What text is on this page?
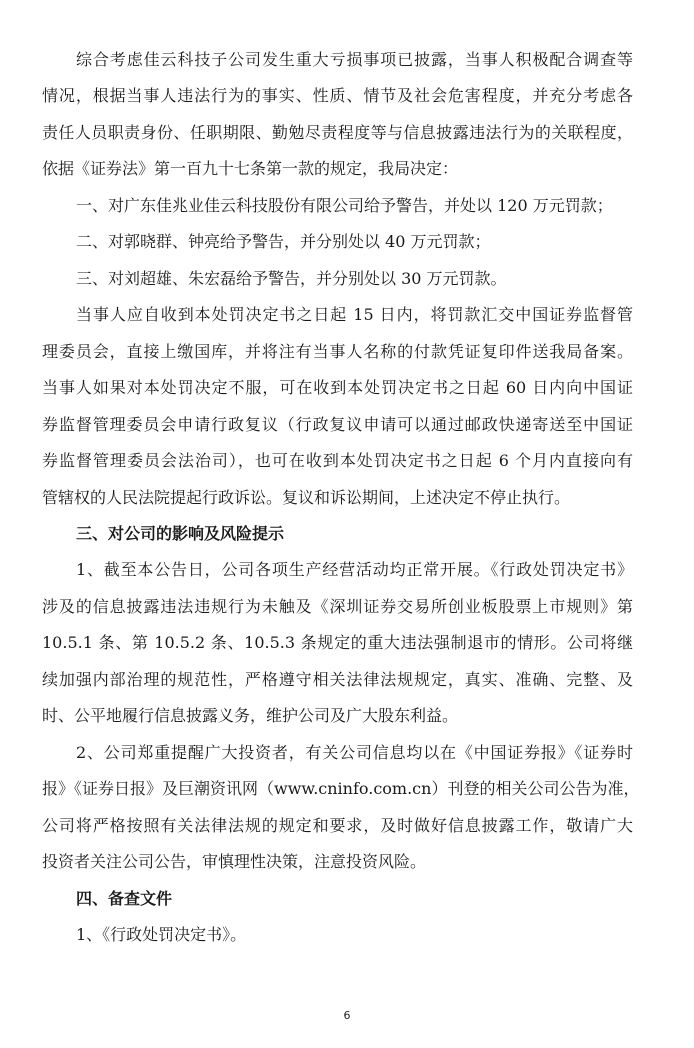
综合考虑佳云科技子公司发生重大亏损事项已披露，当事人积极配合调查等
情况，根据当事人违法行为的事实、性质、情节及社会危害程度，并充分考虑各
责任人员职责身份、任职期限、勤勉尽责程度等与信息披露违法行为的关联程度，
依据《证券法》第一百九十七条第一款的规定，我局决定：
一、对广东佳兆业佳云科技股份有限公司给予警告，并处以 120 万元罚款；
二、对郭晓群、钟亮给予警告，并分别处以 40 万元罚款；
三、对刘超雄、朱宏磊给予警告，并分别处以 30 万元罚款。
当事人应自收到本处罚决定书之日起 15 日内，将罚款汇交中国证券监督管
理委员会，直接上缴国库，并将注有当事人名称的付款凭证复印件送我局备案。
当事人如果对本处罚决定不服，可在收到本处罚决定书之日起 60 日内向中国证
券监督管理委员会申请行政复议（行政复议申请可以通过邮政快递寄送至中国证
券监督管理委员会法治司），也可在收到本处罚决定书之日起 6 个月内直接向有
管辖权的人民法院提起行政诉讼。复议和诉讼期间，上述决定不停止执行。
三、对公司的影响及风险提示
1、截至本公告日，公司各项生产经营活动均正常开展。《行政处罚决定书》
涉及的信息披露违法违规行为未触及《深圳证券交易所创业板股票上市规则》第
10.5.1 条、第 10.5.2 条、10.5.3 条规定的重大违法强制退市的情形。公司将继
续加强内部治理的规范性，严格遵守相关法律法规规定，真实、准确、完整、及
时、公平地履行信息披露义务，维护公司及广大股东利益。
2、公司郑重提醒广大投资者，有关公司信息均以在《中国证券报》《证券时
报》《证券日报》及巨潮资讯网（www.cninfo.com.cn）刊登的相关公司公告为准，
公司将严格按照有关法律法规的规定和要求，及时做好信息披露工作，敬请广大
投资者关注公司公告，审慎理性决策，注意投资风险。
四、备查文件
1、《行政处罚决定书》。
6
